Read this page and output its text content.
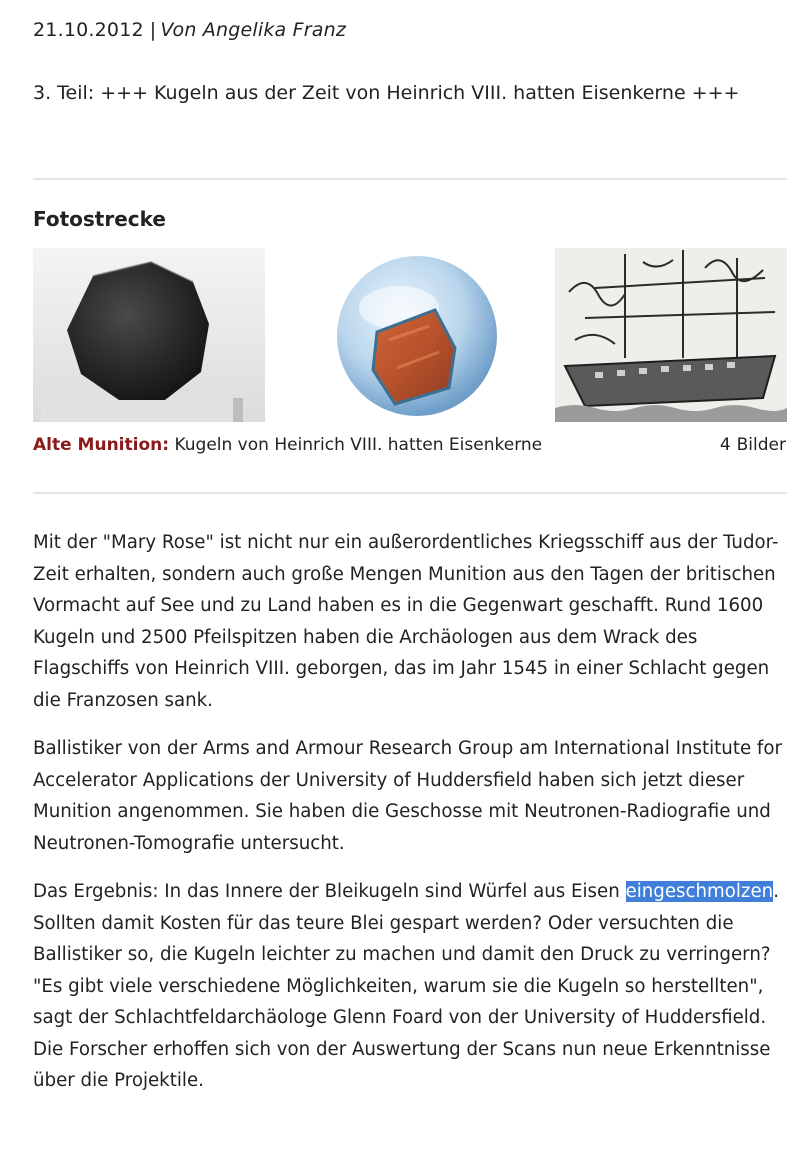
21.10.2012 | Von Angelika Franz
3. Teil: +++ Kugeln aus der Zeit von Heinrich VIII. hatten Eisenkerne +++
Fotostrecke
Alte Munition: Kugeln von Heinrich VIII. hatten Eisenkerne	4 Bilder

Mit der "Mary Rose" ist nicht nur ein außerordentliches Kriegsschiff aus der Tudor-Zeit erhalten, sondern auch große Mengen Munition aus den Tagen der britischen Vormacht auf See und zu Land haben es in die Gegenwart geschafft. Rund 1600 Kugeln und 2500 Pfeilspitzen haben die Archäologen aus dem Wrack des Flagschiffs von Heinrich VIII. geborgen, das im Jahr 1545 in einer Schlacht gegen die Franzosen sank.

Ballistiker von der Arms and Armour Research Group am International Institute for Accelerator Applications der University of Huddersfield haben sich jetzt dieser Munition angenommen. Sie haben die Geschosse mit Neutronen-Radiografie und Neutronen-Tomografie untersucht.

Das Ergebnis: In das Innere der Bleikugeln sind Würfel aus Eisen eingeschmolzen. Sollten damit Kosten für das teure Blei gespart werden? Oder versuchten die Ballistiker so, die Kugeln leichter zu machen und damit den Druck zu verringern? "Es gibt viele verschiedene Möglichkeiten, warum sie die Kugeln so herstellten", sagt der Schlachtfeldarchäologe Glenn Foard von der University of Huddersfield. Die Forscher erhoffen sich von der Auswertung der Scans nun neue Erkenntnisse über die Projektile.
